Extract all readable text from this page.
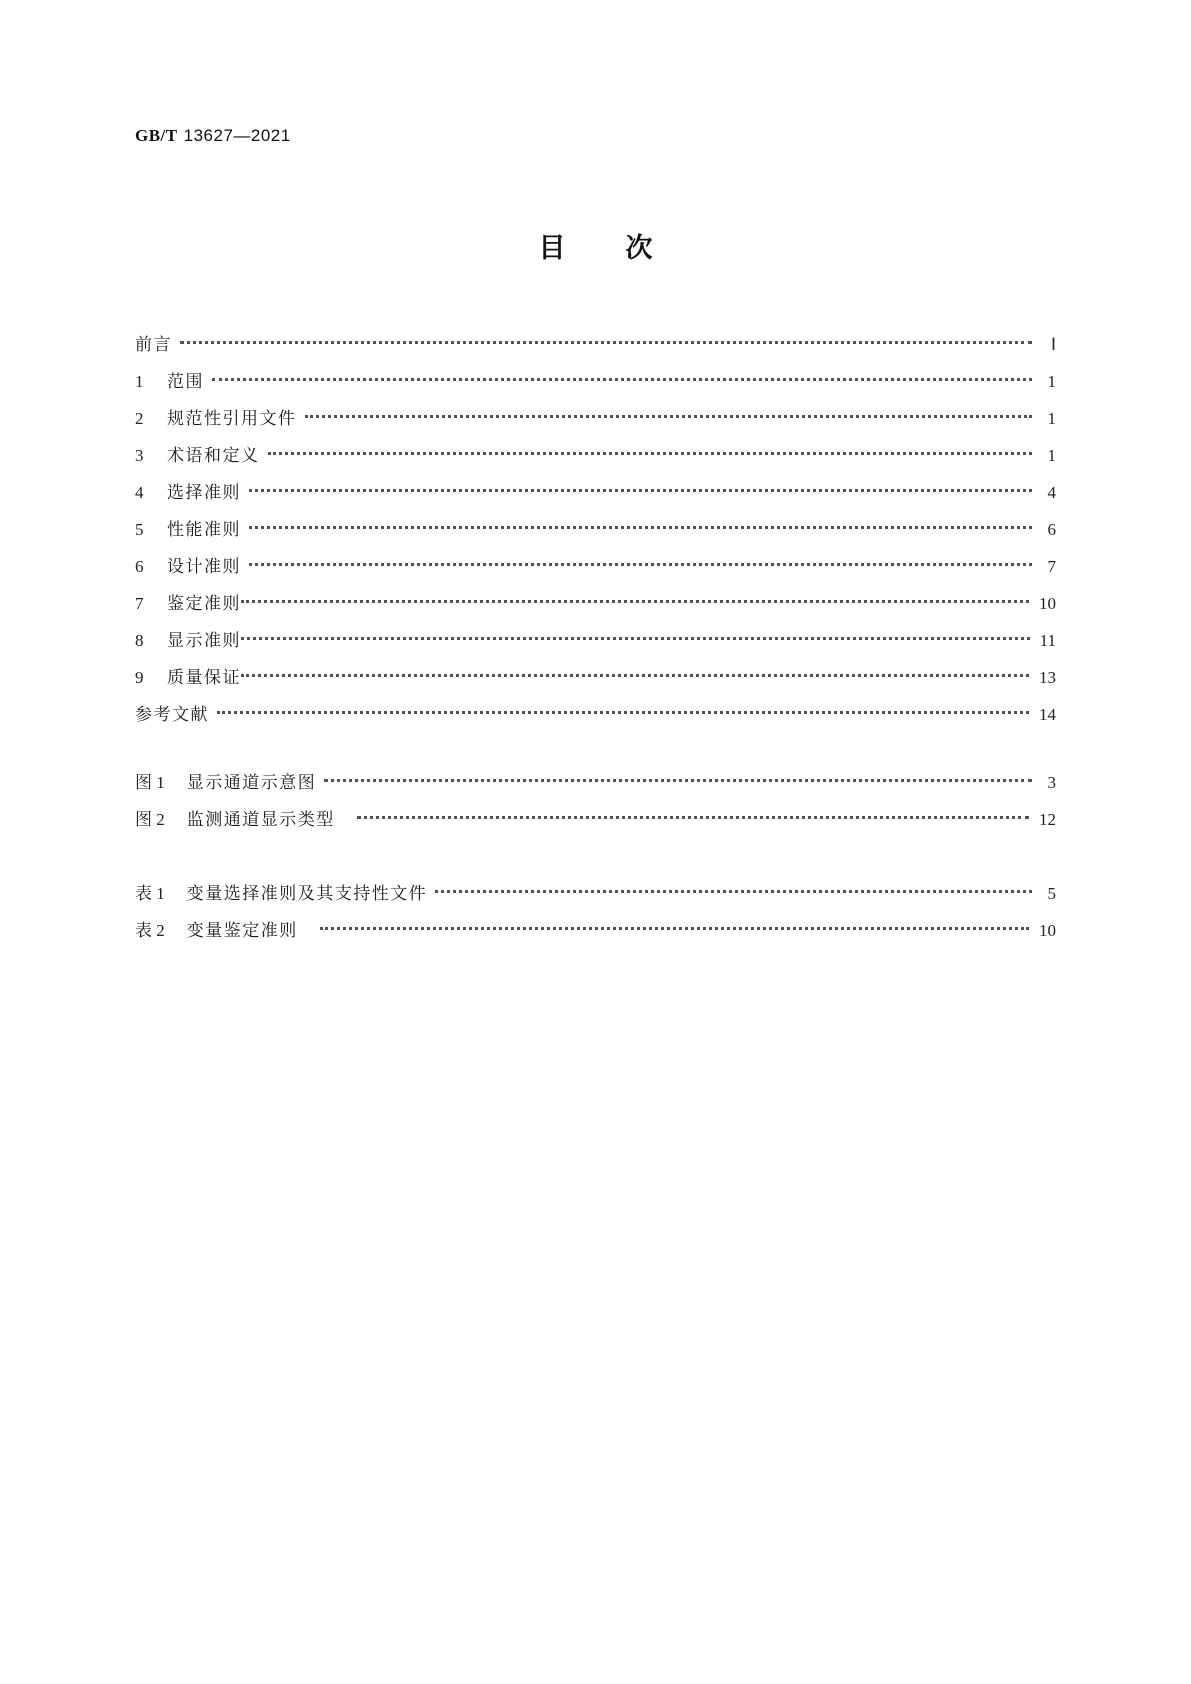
GB/T 13627—2021
目次
前言	Ⅰ
1	范围	1
2	规范性引用文件	1
3	术语和定义	1
4	选择准则	4
5	性能准则	6
6	设计准则	7
7	鉴定准则	10
8	显示准则	11
9	质量保证	13
参考文献	14
图 1 显示通道示意图	3
图 2 监测通道显示类型	12
表 1 变量选择准则及其支持性文件	5
表 2 变量鉴定准则	10
